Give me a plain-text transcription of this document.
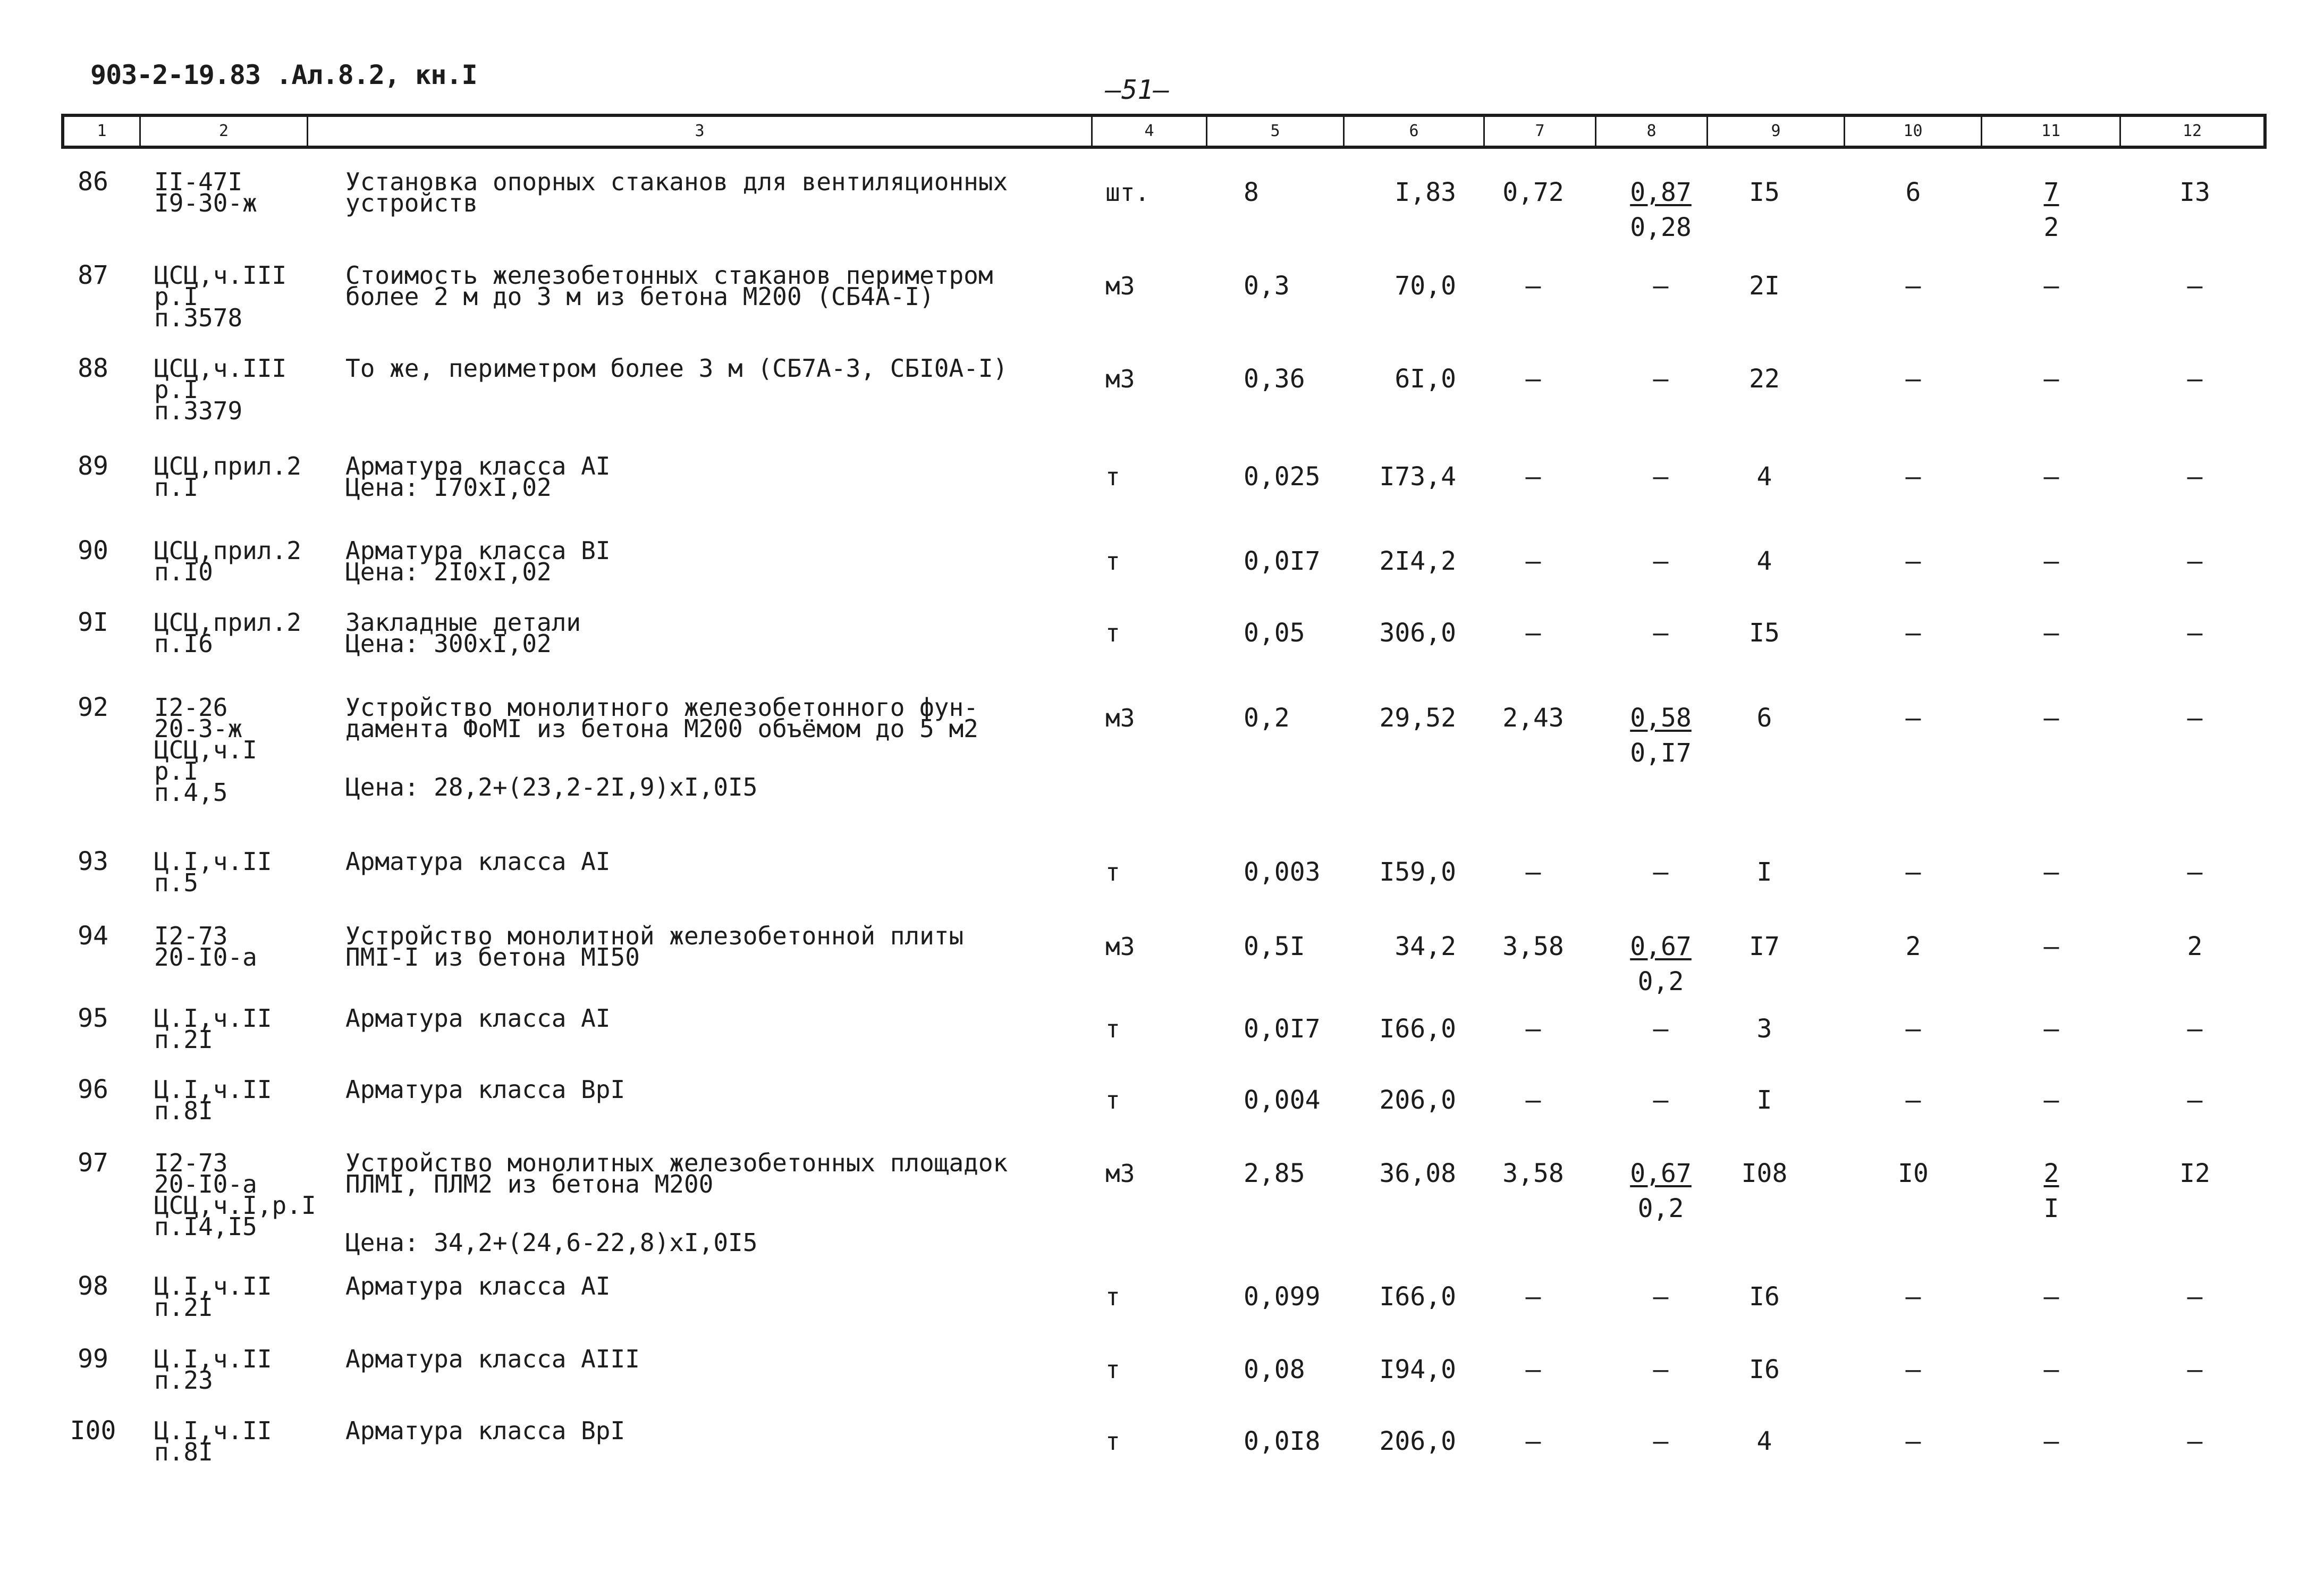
903-2-19.83 .Ал.8.2, кн.I	—51—
1	2	3	4	5	6	7	8	9	10	11	12
86	II-47I
I9-30-ж
Установка опорных стаканов для вентиляционных
устройств	шт.	8	I,83	0,72	$\frac{0,87}{0,28}$	I5	6	$\frac{7}{2}$	I3
87	ЦСЦ,ч.III
р.I
п.3578
Стоимость железобетонных стаканов периметром
более 2 м до 3 м из бетона М200 (СБ4А-I)	м3	0,3	70,0	–	–	2I	–	–	–
88	ЦСЦ,ч.III
р.I
п.3379
То же, периметром более 3 м (СБ7А-3, СБI0А-I)	м3	0,36	6I,0	–	–	22	–	–	–
89	ЦСЦ,прил.2
п.I
Арматура класса АI
Цена: I70хI,02	т	0,025	I73,4	–	–	4	–	–	–
90	ЦСЦ,прил.2
п.I0
Арматура класса ВI
Цена: 2I0хI,02	т	0,0I7	2I4,2	–	–	4	–	–	–
9I	ЦСЦ,прил.2
п.I6
Закладные детали
Цена: 300хI,02	т	0,05	306,0	–	–	I5	–	–	–
92	I2-26
20-3-ж
ЦСЦ,ч.I
р.I
п.4,5
Устройство монолитного железобетонного фун-
дамента ФоМI из бетона М200 объёмом до 5 м2
Цена: 28,2+(23,2-2I,9)хI,0I5
м3	0,2	29,52	2,43	$\frac{0,58}{0,I7}$	6	–	–	–
93	Ц.I,ч.II
п.5
Арматура класса АI	т	0,003	I59,0	–	–	I	–	–	–
94	I2-73
20-I0-а
Устройство монолитной железобетонной плиты
ПМI-I из бетона МI50	м3	0,5I	34,2	3,58	$\frac{0,67}{0,2}$	I7	2	–	2
95	Ц.I,ч.II
п.2I
Арматура класса АI	т	0,0I7	I66,0	–	–	3	–	–	–
96	Ц.I,ч.II
п.8I
Арматура класса ВрI	т	0,004	206,0	–	–	I	–	–	–
97	I2-73
20-I0-а
ЦСЦ,ч.I,р.I
п.I4,I5
Устройство монолитных железобетонных площадок
ПЛМI, ПЛМ2 из бетона М200
Цена: 34,2+(24,6-22,8)хI,0I5
м3	2,85	36,08	3,58	$\frac{0,67}{0,2}$	I08	I0	$\frac{2}{I}$	I2
98	Ц.I,ч.II
п.2I
Арматура класса АI	т	0,099	I66,0	–	–	I6	–	–	–
99	Ц.I,ч.II
п.23
Арматура класса АIII	т	0,08	I94,0	–	–	I6	–	–	–
I00 Ц.I,ч.II
п.8I
Арматура класса ВрI	т	0,0I8	206,0	–	–	4	–	–	–
